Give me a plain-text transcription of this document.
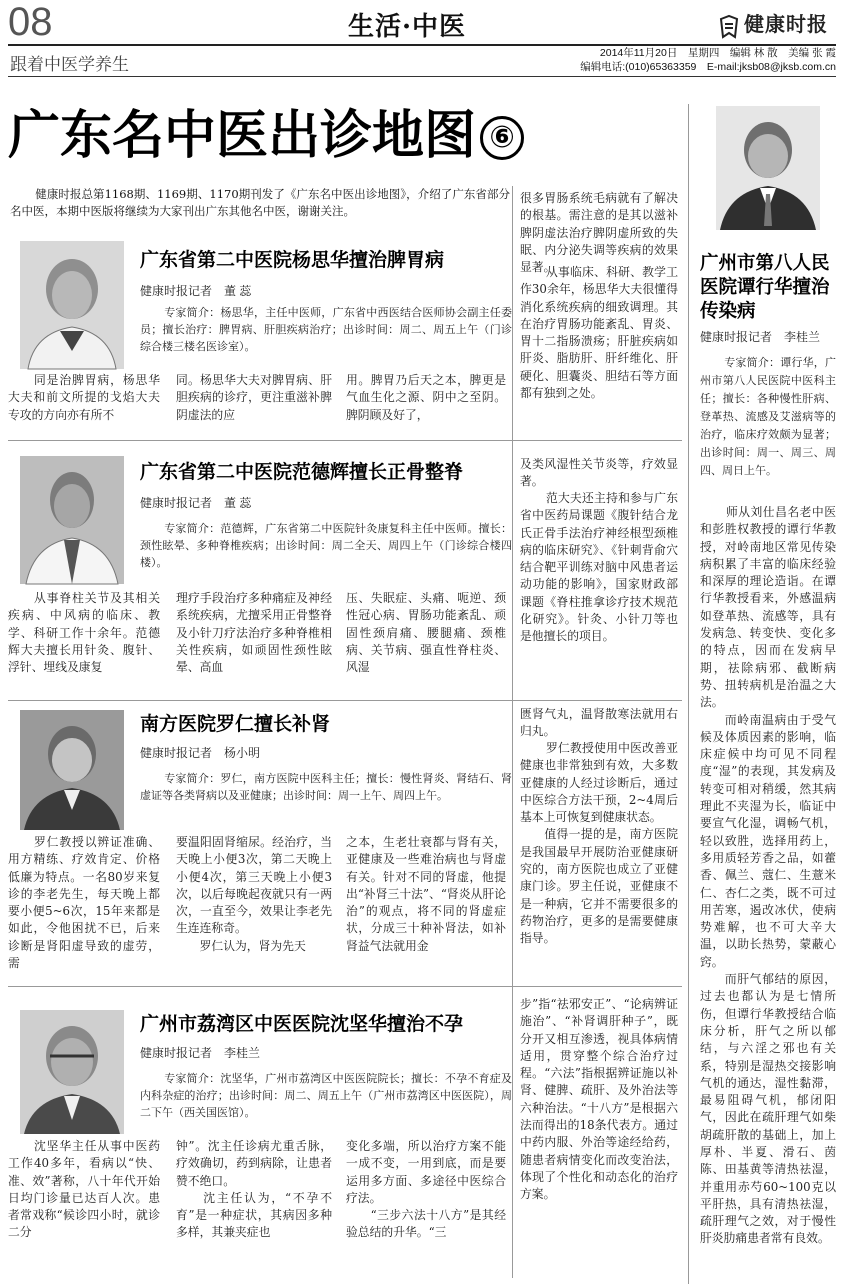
08	生活·中医	健康时报
跟着中医学养生
2014年11月20日　星期四　编辑 林 散　美编 张 霞
编辑电话:(010)65363359　E-mail:jksb08@jksb.com.cn
广东名中医出诊地图 ⑥
健康时报总第1168期、1169期、1170期刊发了《广东名中医出诊地图》，介绍了广东省部分名中医，本期中医版将继续为大家刊出广东其他名中医，谢谢关注。
广东省第二中医院杨思华擅治脾胃病
健康时报记者　董 蕊
专家简介：杨思华，主任中医师，广东省中西医结合医师协会副主任委员；擅长治疗：脾胃病、肝胆疾病治疗；出诊时间：周二、周五上午（门诊综合楼三楼名医诊室）。
同是治脾胃病，杨思华大夫和前文所提的戈焰大夫专攻的方向亦有所不
同。杨思华大夫对脾胃病、肝胆疾病的诊疗，更注重滋补脾阴虚法的应
用。脾胃乃后天之本，脾更是气血生化之源、阴中之至阴。脾阴顾及好了，
很多胃肠系统毛病就有了解决的根基。需注意的是其以滋补脾阴虚法治疗脾阴虚所致的失眠、内分泌失调等疾病的效果显著。
从事临床、科研、教学工作30余年，杨思华大夫很懂得消化系统疾病的细致调理。其在治疗胃肠功能紊乱、胃炎、胃十二指肠溃疡；肝脏疾病如肝炎、脂肪肝、肝纤维化、肝硬化、胆囊炎、胆结石等方面都有独到之处。
广东省第二中医院范德辉擅长正骨整脊
健康时报记者　董 蕊
专家简介：范德辉，广东省第二中医院针灸康复科主任中医师。擅长：颈性眩晕、多种脊椎疾病；出诊时间：周二全天、周四上午（门诊综合楼四楼）。
从事脊柱关节及其相关疾病、中风病的临床、教学、科研工作十余年。范德辉大夫擅长用针灸、腹针、浮针、埋线及康复
理疗手段治疗多种痛症及神经系统疾病，尤擅采用正骨整脊及小针刀疗法治疗多种脊椎相关性疾病，如顽固性颈性眩晕、高血
压、失眠症、头痛、呃逆、颈性冠心病、胃肠功能紊乱、顽固性颈肩痛、腰腿痛、颈椎病、关节病、强直性脊柱炎、风湿
及类风湿性关节炎等，疗效显著。
范大夫还主持和参与广东省中医药局课题《腹针结合龙氏正骨手法治疗神经根型颈椎病的临床研究》、《针刺背俞穴结合靶平训练对脑中风患者运动功能的影响》，国家财政部课题《脊柱推拿诊疗技术规范化研究》。针灸、小针刀等也是他擅长的项目。
南方医院罗仁擅长补肾
健康时报记者　杨小明
专家简介：罗仁，南方医院中医科主任；擅长：慢性肾炎、肾结石、肾虚证等各类肾病以及亚健康；出诊时间：周一上午、周四上午。
罗仁教授以辨证准确、用方精练、疗效肯定、价格低廉为特点。一名80岁来复诊的李老先生，每天晚上都要小便5~6次，15年来都是如此，令他困扰不已，后来诊断是肾阳虚导致的虚劳，需
要温阳固肾缩尿。经治疗，当天晚上小便3次，第二天晚上小便4次，第三天晚上小便3次，以后每晚起夜就只有一两次，一直至今，效果让李老先生连连称奇。
　　罗仁认为，肾为先天
之本，生老壮衰都与肾有关，亚健康及一些难治病也与肾虚有关。针对不同的肾虚，他提出“补肾三十法”、“肾炎从肝论治”的观点，将不同的肾虚症状，分成三十种补肾法，如补肾益气法就用金
匮肾气丸，温肾散寒法就用右归丸。
罗仁教授使用中医改善亚健康也非常独到有效，大多数亚健康的人经过诊断后，通过中医综合方法干预，2~4周后基本上可恢复到健康状态。
　　值得一提的是，南方医院是我国最早开展防治亚健康研究的，南方医院也成立了亚健康门诊。罗主任说，亚健康不是一种病，它并不需要很多的药物治疗，更多的是需要健康指导。
广州市荔湾区中医医院沈坚华擅治不孕
健康时报记者　李桂兰
专家简介：沈坚华，广州市荔湾区中医医院院长；擅长：不孕不育症及内科杂症的治疗；出诊时间：周二、周五上午（广州市荔湾区中医医院），周二下午（西关国医馆）。
沈坚华主任从事中医药工作40多年，看病以“快、准、效”著称，八十年代开始日均门诊量已达百人次。患者常戏称“候诊四小时，就诊二分
钟”。沈主任诊病尤重舌脉，疗效确切，药到病除，让患者赞不绝口。
　　沈主任认为，“不孕不育”是一种症状，其病因多种多样，其兼夹症也
变化多端，所以治疗方案不能一成不变，一用到底，而是要运用多方面、多途径中医综合疗法。
　　“三步六法十八方”是其经验总结的升华。“三
步”指“祛邪安正”、“论病辨证施治”、“补肾调肝种子”，既分开又相互渗透，视具体病情适用，贯穿整个综合治疗过程。“六法”指根据辨证施以补肾、健脾、疏肝、及外治法等六种治法。“十八方”是根据六法而得出的18条代表方。通过中药内服、外治等途经给药，随患者病情变化而改变治法，体现了个性化和动态化的治疗方案。
广州市第八人民医院谭行华擅治传染病
健康时报记者　李桂兰
专家简介：谭行华，广州市第八人民医院中医科主任；擅长：各种慢性肝病、登革热、流感及艾滋病等的治疗，临床疗效颇为显著；出诊时间：周一、周三、周四、周日上午。
师从刘仕昌名老中医和彭胜权教授的谭行华教授，对岭南地区常见传染病积累了丰富的临床经验和深厚的理论造诣。在谭行华教授看来，外感温病如登革热、流感等，具有发病急、转变快、变化多的特点，因而在发病早期，祛除病邪、截断病势、扭转病机是治温之大法。
　　而岭南温病由于受气候及体质因素的影响，临床症候中均可见不同程度“湿”的表现，其发病及转变可相对稍缓，然其病理此不夹湿为长，临证中要宣气化湿，调畅气机，轻以致胜，选择用药上，多用质轻芳香之品，如藿香、佩兰、蔻仁、生薏米仁、杏仁之类，既不可过用苦寒，遏改冰伏，使病势难解，也不可大辛大温，以助长热势，蒙蔽心窍。
　　而肝气郁结的原因，过去也都认为是七情所伤，但谭行华教授结合临床分析，肝气之所以郁结，与六淫之邪也有关系，特别是湿热交接影响气机的通达，湿性黏滞，最易阻碍气机，郁闭阳气，因此在疏肝理气如柴胡疏肝散的基础上，加上厚朴、半夏、滑石、茵陈、田基黄等清热祛湿，并重用赤芍60~100克以平肝热，具有清热祛湿，疏肝理气之效，对于慢性肝炎肋痛患者常有良效。
